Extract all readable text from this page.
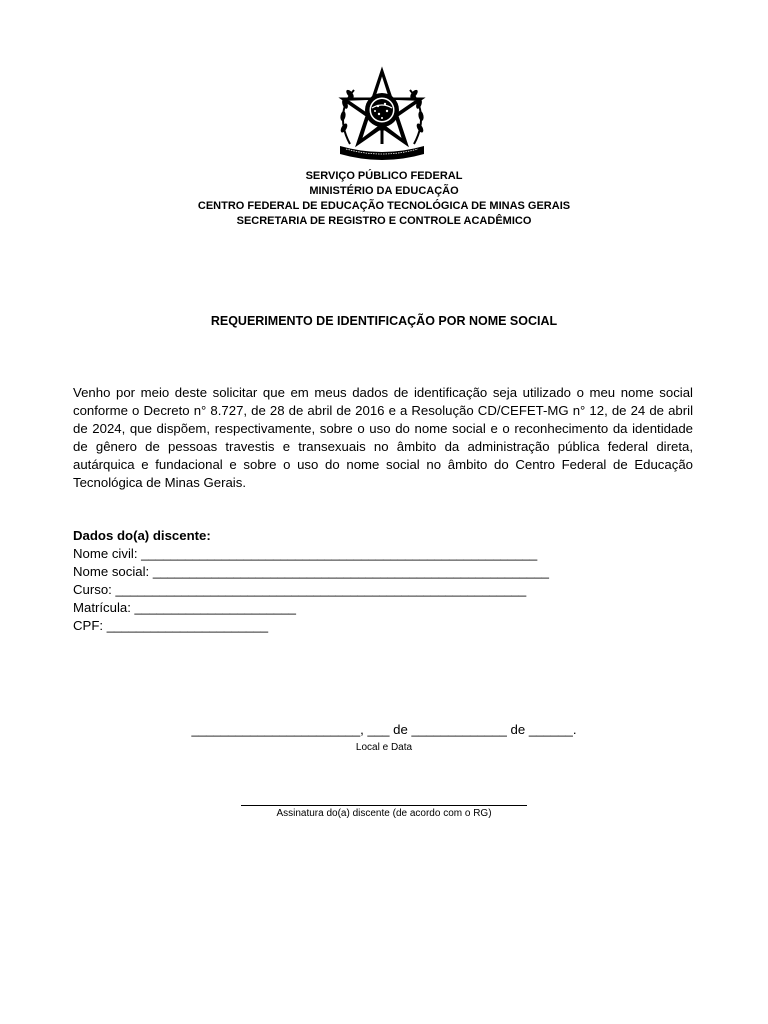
SERVIÇO PÚBLICO FEDERAL
MINISTÉRIO DA EDUCAÇÃO
CENTRO FEDERAL DE EDUCAÇÃO TECNOLÓGICA DE MINAS GERAIS
SECRETARIA DE REGISTRO E CONTROLE ACADÊMICO
REQUERIMENTO DE IDENTIFICAÇÃO POR NOME SOCIAL
Venho por meio deste solicitar que em meus dados de identificação seja utilizado o meu nome social conforme o Decreto n° 8.727, de 28 de abril de 2016 e a Resolução CD/CEFET-MG n° 12, de 24 de abril de 2024, que dispõem, respectivamente, sobre o uso do nome social e o reconhecimento da identidade de gênero de pessoas travestis e transexuais no âmbito da administração pública federal direta, autárquica e fundacional e sobre o uso do nome social no âmbito do Centro Federal de Educação Tecnológica de Minas Gerais.
Dados do(a) discente:
Nome civil: ______________________________________________________
Nome social: ______________________________________________________
Curso: ________________________________________________________
Matrícula: ______________________
CPF: ______________________
_______________________, ___ de _____________ de ______.
Local e Data
Assinatura do(a) discente (de acordo com o RG)
